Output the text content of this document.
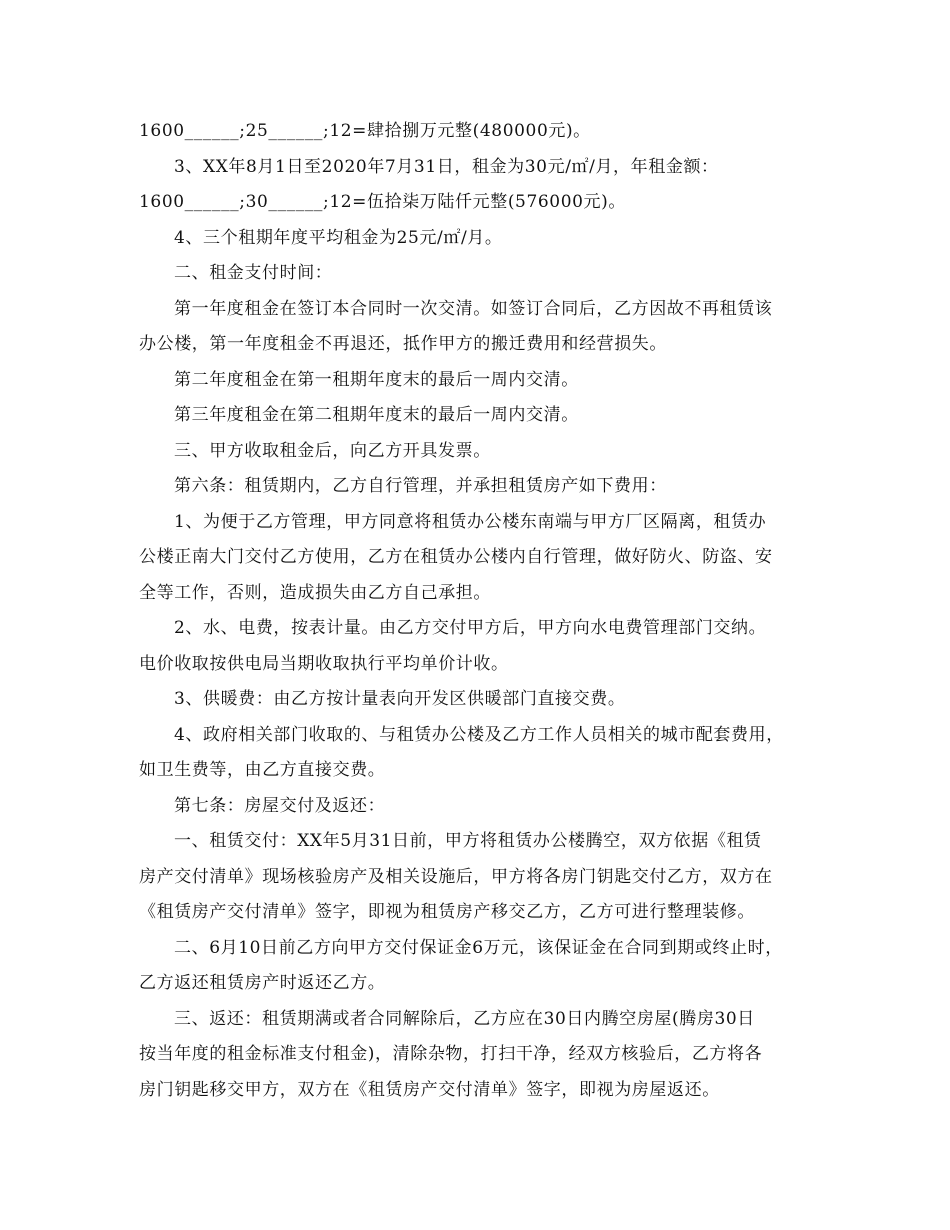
1600______;25______;12=肆拾捌万元整(480000元)。
3、XX年8月1日至2020年7月31日，租金为30元/㎡/月，年租金额：
1600______;30______;12=伍拾柒万陆仟元整(576000元)。
4、三个租期年度平均租金为25元/㎡/月。
二、租金支付时间：
第一年度租金在签订本合同时一次交清。如签订合同后，乙方因故不再租赁该
办公楼，第一年度租金不再退还，抵作甲方的搬迁费用和经营损失。
第二年度租金在第一租期年度末的最后一周内交清。
第三年度租金在第二租期年度末的最后一周内交清。
三、甲方收取租金后，向乙方开具发票。
第六条：租赁期内，乙方自行管理，并承担租赁房产如下费用：
1、为便于乙方管理，甲方同意将租赁办公楼东南端与甲方厂区隔离，租赁办
公楼正南大门交付乙方使用，乙方在租赁办公楼内自行管理，做好防火、防盗、安
全等工作，否则，造成损失由乙方自己承担。
2、水、电费，按表计量。由乙方交付甲方后，甲方向水电费管理部门交纳。
电价收取按供电局当期收取执行平均单价计收。
3、供暖费：由乙方按计量表向开发区供暖部门直接交费。
4、政府相关部门收取的、与租赁办公楼及乙方工作人员相关的城市配套费用，
如卫生费等，由乙方直接交费。
第七条：房屋交付及返还：
一、租赁交付：XX年5月31日前，甲方将租赁办公楼腾空，双方依据《租赁
房产交付清单》现场核验房产及相关设施后，甲方将各房门钥匙交付乙方，双方在
《租赁房产交付清单》签字，即视为租赁房产移交乙方，乙方可进行整理装修。
二、6月10日前乙方向甲方交付保证金6万元，该保证金在合同到期或终止时，
乙方返还租赁房产时返还乙方。
三、返还：租赁期满或者合同解除后，乙方应在30日内腾空房屋(腾房30日
按当年度的租金标准支付租金)，清除杂物，打扫干净，经双方核验后，乙方将各
房门钥匙移交甲方，双方在《租赁房产交付清单》签字，即视为房屋返还。
